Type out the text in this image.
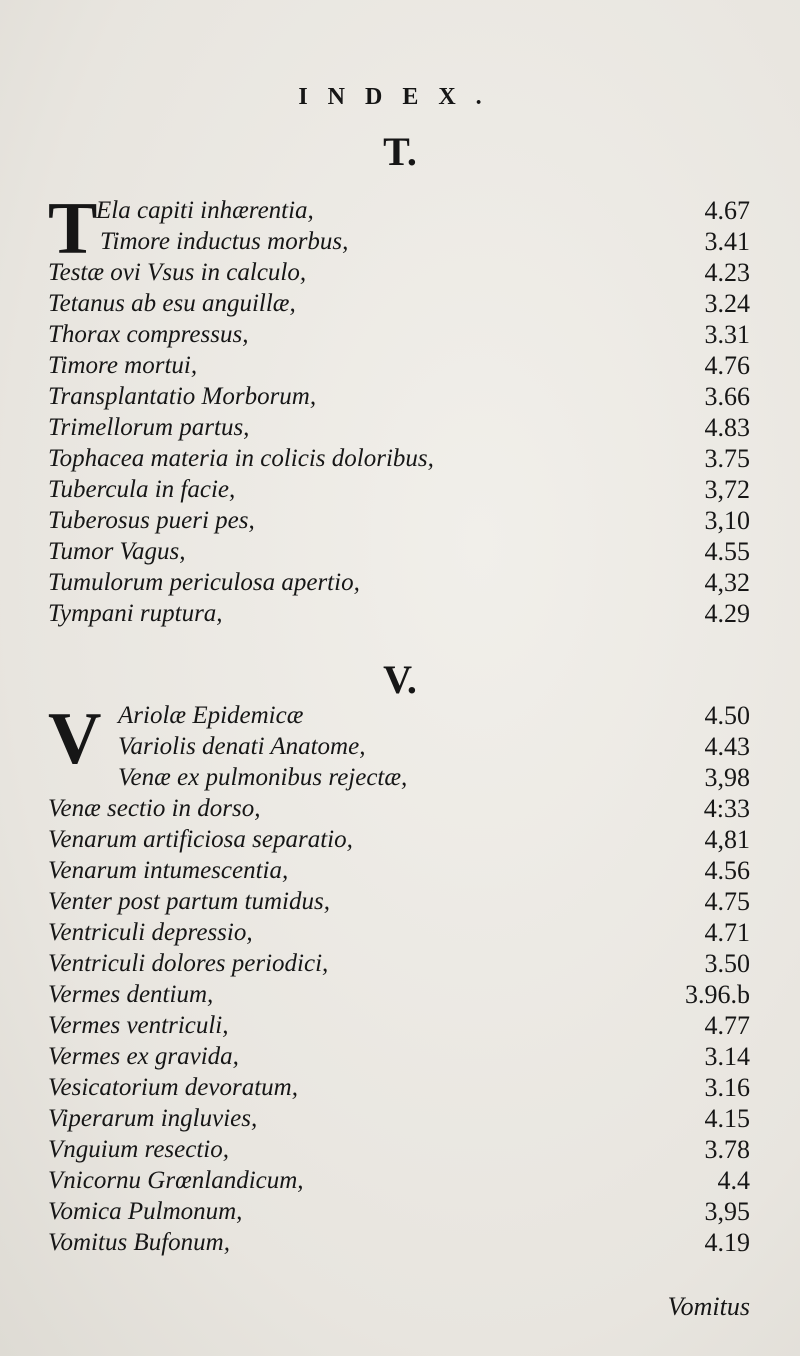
INDEX.
T.
T
Ela capiti inhærentia,	4.67
Timore inductus morbus,	3.41
Testæ ovi Vsus in calculo,	4.23
Tetanus ab esu anguillæ,	3.24
Thorax compressus,	3.31
Timore mortui,	4.76
Transplantatio Morborum,	3.66
Trimellorum partus,	4.83
Tophacea materia in colicis doloribus,	3.75
Tubercula in facie,	3,72
Tuberosus pueri pes,	3,10
Tumor Vagus,	4.55
Tumulorum periculosa apertio,	4,32
Tympani ruptura,	4.29
V.
V Ariolæ Epidemicæ	4.50
Variolis denati Anatome,	4.43
Venæ ex pulmonibus rejectæ,	3,98
Venæ sectio in dorso,	4:33
Venarum artificiosa separatio,	4,81
Venarum intumescentia,	4.56
Venter post partum tumidus,	4.75
Ventriculi depressio,	4.71
Ventriculi dolores periodici,	3.50
Vermes dentium,	3.96.b
Vermes ventriculi,	4.77
Vermes ex gravida,	3.14
Vesicatorium devoratum,	3.16
Viperarum ingluvies,	4.15
Vnguium resectio,	3.78
Vnicornu Grœnlandicum,	4.4
Vomica Pulmonum,	3,95
Vomitus Bufonum,	4.19
Vomitus
